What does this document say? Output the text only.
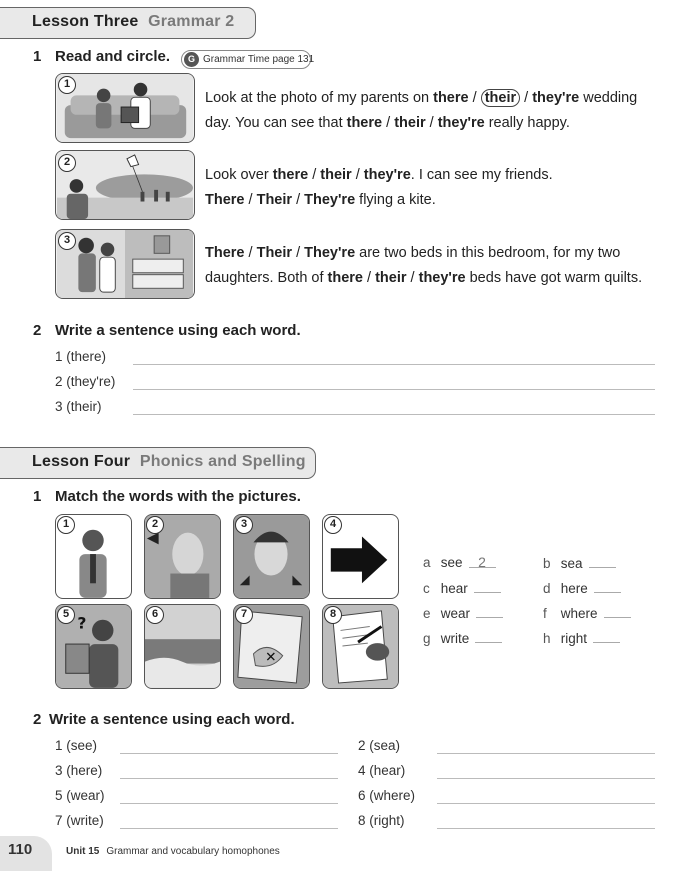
Lesson Three Grammar 2
1 Read and circle.	G Grammar Time page 131
1

Look at the photo of my parents on there / their / they're wedding day. You can see that there / their / they're really happy.

2

Look over there / their / they're. I can see my friends. There / Their / They're flying a kite.

3

There / Their / They're are two beds in this bedroom, for my two daughters. Both of there / their / they're beds have got warm quilts.

2 Write a sentence using each word.
1 (there)
2 (they're)
3 (their)
Lesson Four Phonics and Spelling
1 Match the words with the pictures.
1	2	3	4
?
5	6
✕
7	8
a see 2	b sea
c hear	d here
e wear	f where
g write	h right
2 Write a sentence using each word.
1 (see)	2 (sea)
3 (here)	4 (hear)
5 (wear)	6 (where)
7 (write)	8 (right)
110	Unit 15 Grammar and vocabulary homophones
